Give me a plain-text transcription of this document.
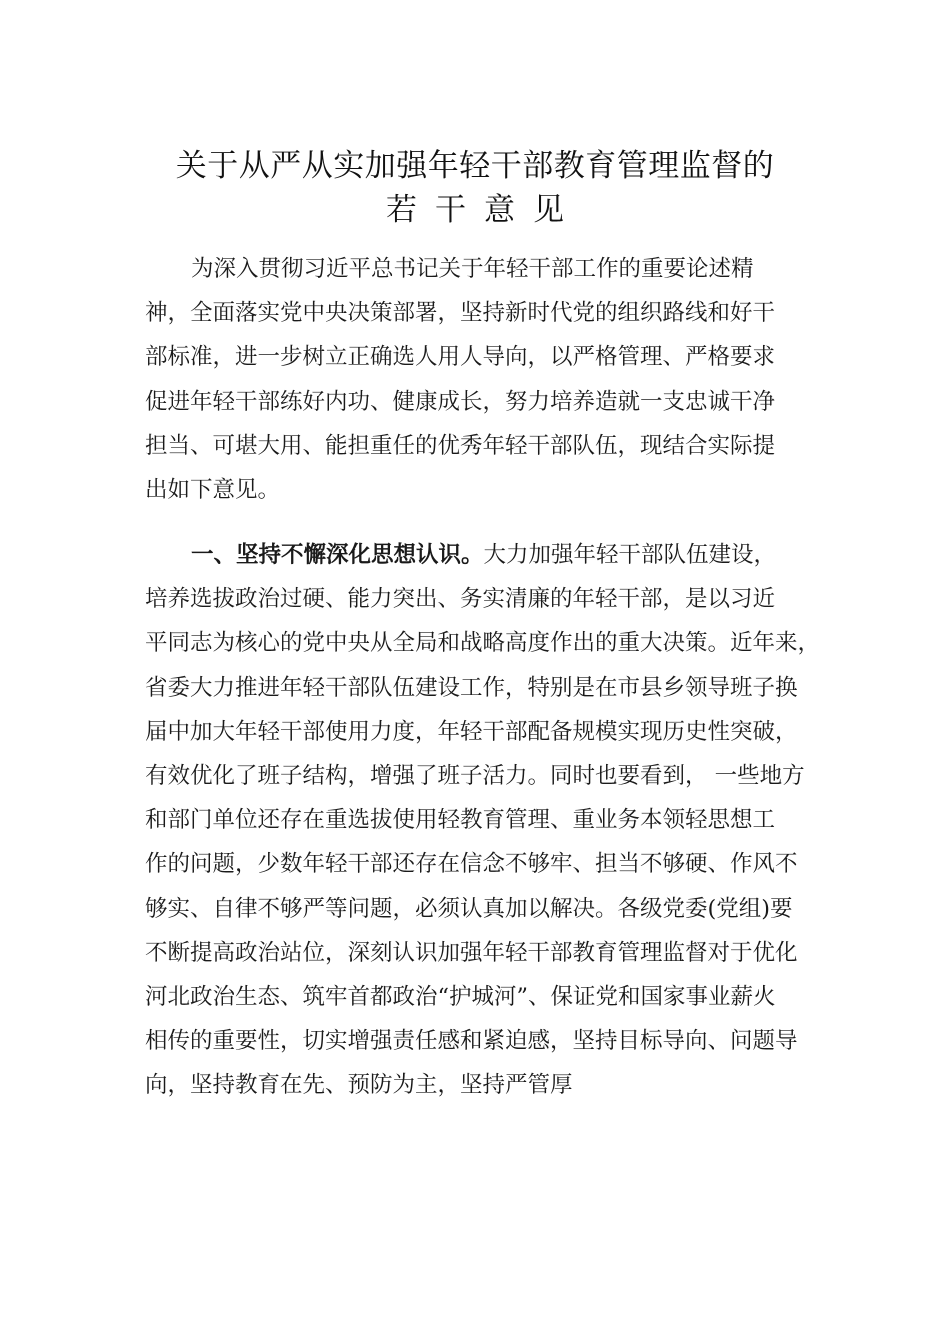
关于从严从实加强年轻干部教育管理监督的
若干意见

为深入贯彻习近平总书记关于年轻干部工作的重要论述精
神，全面落实党中央决策部署，坚持新时代党的组织路线和好干
部标准，进一步树立正确选人用人导向，以严格管理、严格要求
促进年轻干部练好内功、健康成长，努力培养造就一支忠诚干净
担当、可堪大用、能担重任的优秀年轻干部队伍，现结合实际提
出如下意见。

一、坚持不懈深化思想认识。大力加强年轻干部队伍建设，
培养选拔政治过硬、能力突出、务实清廉的年轻干部，是以习近
平同志为核心的党中央从全局和战略高度作出的重大决策。近年来，
省委大力推进年轻干部队伍建设工作，特别是在市县乡领导班子换
届中加大年轻干部使用力度，年轻干部配备规模实现历史性突破，
有效优化了班子结构，增强了班子活力。同时也要看到， 一些地方
和部门单位还存在重选拔使用轻教育管理、重业务本领轻思想工
作的问题，少数年轻干部还存在信念不够牢、担当不够硬、作风不
够实、自律不够严等问题，必须认真加以解决。各级党委(党组)要
不断提高政治站位，深刻认识加强年轻干部教育管理监督对于优化
河北政治生态、筑牢首都政治“护城河”、保证党和国家事业薪火
相传的重要性，切实增强责任感和紧迫感，坚持目标导向、问题导
向，坚持教育在先、预防为主，坚持严管厚
